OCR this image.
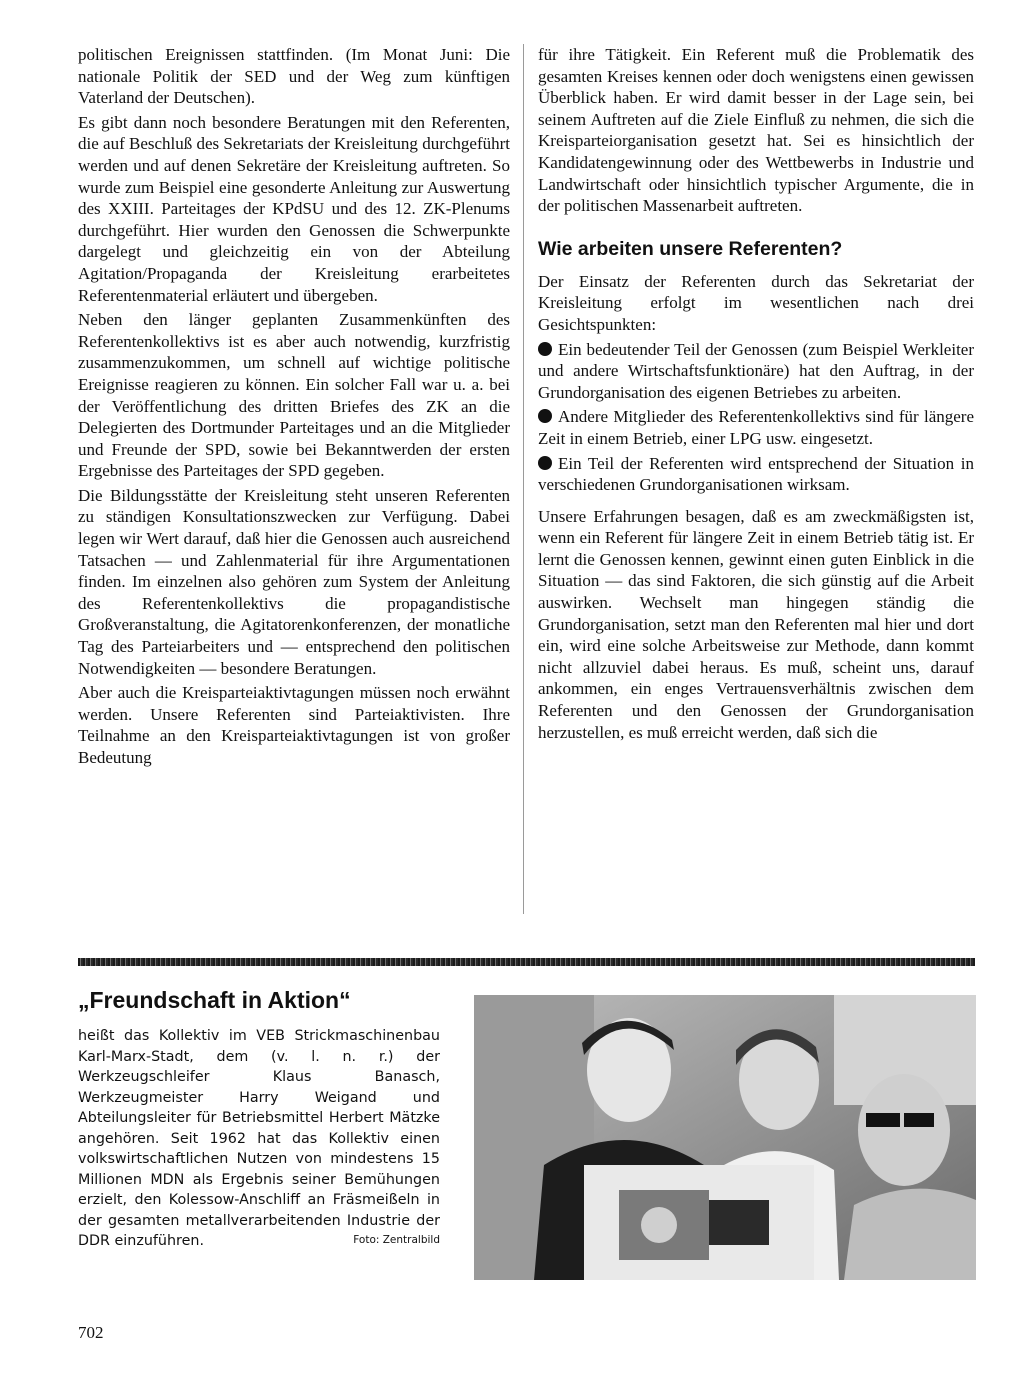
politischen Ereignissen stattfinden. (Im Monat Juni: Die nationale Politik der SED und der Weg zum künftigen Vaterland der Deutschen).

Es gibt dann noch besondere Beratungen mit den Referenten, die auf Beschluß des Sekretariats der Kreisleitung durchgeführt werden und auf denen Sekretäre der Kreisleitung auftreten. So wurde zum Beispiel eine gesonderte Anleitung zur Auswertung des XXIII. Parteitages der KPdSU und des 12. ZK-Plenums durchgeführt. Hier wurden den Genossen die Schwerpunkte dargelegt und gleichzeitig ein von der Abteilung Agitation/Propaganda der Kreisleitung erarbeitetes Referentenmaterial erläutert und übergeben.

Neben den länger geplanten Zusammenkünften des Referentenkollektivs ist es aber auch notwendig, kurzfristig zusammenzukommen, um schnell auf wichtige politische Ereignisse reagieren zu können. Ein solcher Fall war u. a. bei der Veröffentlichung des dritten Briefes des ZK an die Delegierten des Dortmunder Parteitages und an die Mitglieder und Freunde der SPD, sowie bei Bekanntwerden der ersten Ergebnisse des Parteitages der SPD gegeben.

Die Bildungsstätte der Kreisleitung steht unseren Referenten zu ständigen Konsultationszwecken zur Verfügung. Dabei legen wir Wert darauf, daß hier die Genossen auch ausreichend Tatsachen — und Zahlenmaterial für ihre Argumentationen finden. Im einzelnen also gehören zum System der Anleitung des Referentenkollektivs die propagandistische Großveranstaltung, die Agitatorenkonferenzen, der monatliche Tag des Parteiarbeiters und — entsprechend den politischen Notwendigkeiten — besondere Beratungen.

Aber auch die Kreisparteiaktivtagungen müssen noch erwähnt werden. Unsere Referenten sind Parteiaktivisten. Ihre Teilnahme an den Kreisparteiaktivtagungen ist von großer Bedeutung

für ihre Tätigkeit. Ein Referent muß die Problematik des gesamten Kreises kennen oder doch wenigstens einen gewissen Überblick haben. Er wird damit besser in der Lage sein, bei seinem Auftreten auf die Ziele Einfluß zu nehmen, die sich die Kreisparteiorganisation gesetzt hat. Sei es hinsichtlich der Kandidatengewinnung oder des Wettbewerbs in Industrie und Landwirtschaft oder hinsichtlich typischer Argumente, die in der politischen Massenarbeit auftreten.

Wie arbeiten unsere Referenten?

Der Einsatz der Referenten durch das Sekretariat der Kreisleitung erfolgt im wesentlichen nach drei Gesichtspunkten:

Ein bedeutender Teil der Genossen (zum Beispiel Werkleiter und andere Wirtschaftsfunktionäre) hat den Auftrag, in der Grundorganisation des eigenen Betriebes zu arbeiten.

Andere Mitglieder des Referentenkollektivs sind für längere Zeit in einem Betrieb, einer LPG usw. eingesetzt.

Ein Teil der Referenten wird entsprechend der Situation in verschiedenen Grundorganisationen wirksam.

Unsere Erfahrungen besagen, daß es am zweckmäßigsten ist, wenn ein Referent für längere Zeit in einem Betrieb tätig ist. Er lernt die Genossen kennen, gewinnt einen guten Einblick in die Situation — das sind Faktoren, die sich günstig auf die Arbeit auswirken. Wechselt man hingegen ständig die Grundorganisation, setzt man den Referenten mal hier und dort ein, wird eine solche Arbeitsweise zur Methode, dann kommt nicht allzuviel dabei heraus. Es muß, scheint uns, darauf ankommen, ein enges Vertrauensverhältnis zwischen dem Referenten und den Genossen der Grundorganisation herzustellen, es muß erreicht werden, daß sich die

„Freundschaft in Aktion“

heißt das Kollektiv im VEB Strickmaschinenbau Karl-Marx-Stadt, dem (v. l. n. r.) der Werkzeugschleifer Klaus Banasch, Werkzeugmeister Harry Weigand und Abteilungsleiter für Betriebsmittel Herbert Mätzke angehören. Seit 1962 hat das Kollektiv einen volkswirtschaftlichen Nutzen von mindestens 15 Millionen MDN als Ergebnis seiner Bemühungen erzielt, den Kolessow-Anschliff an Fräsmeißeln in der gesamten metallverarbeitenden Industrie der DDR einzuführen.	Foto: Zentralbild
702
